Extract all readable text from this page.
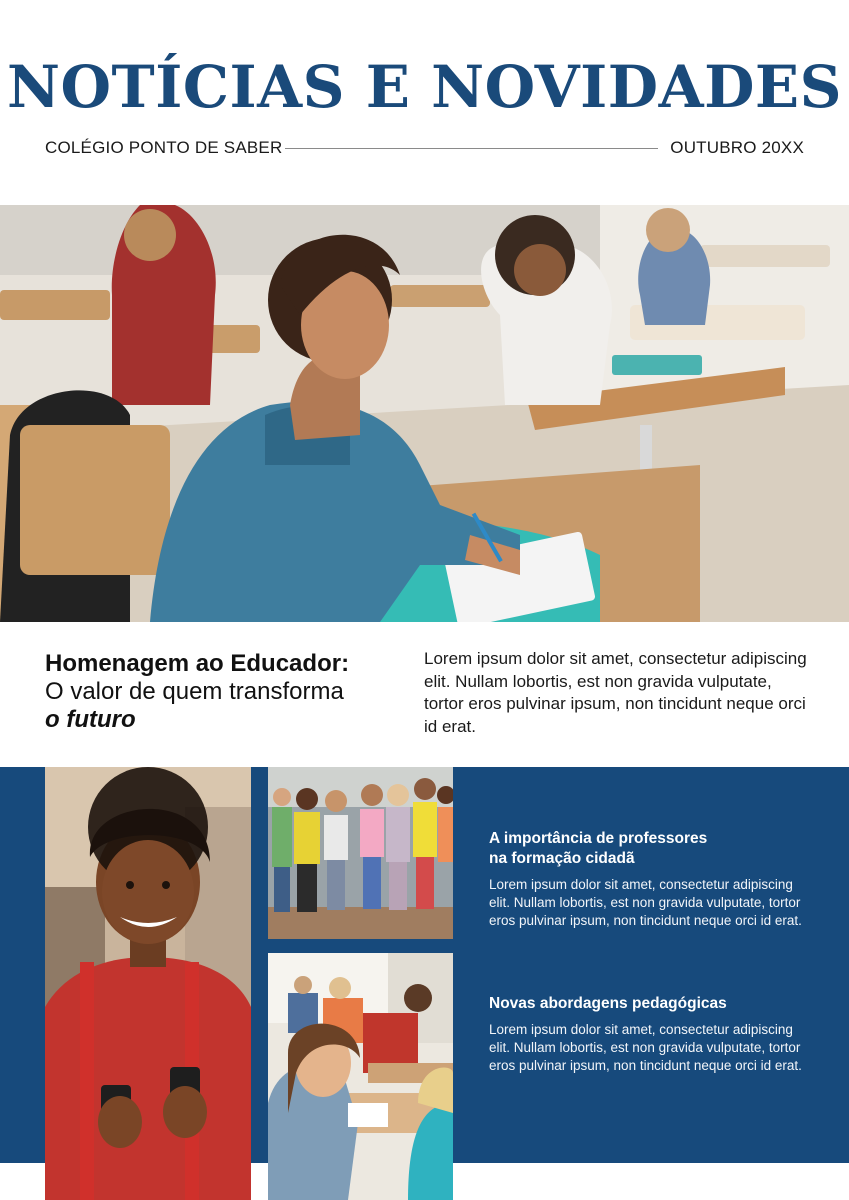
NOTÍCIAS E NOVIDADES
COLÉGIO PONTO DE SABER	OUTUBRO 20XX
Homenagem ao Educador:
O valor de quem transforma
o futuro

Lorem ipsum dolor sit amet, consectetur adipiscing elit. Nullam lobortis, est non gravida vulputate, tortor eros pulvinar ipsum, non tincidunt neque orci id erat.

A importância de professores
na formação cidadã

Lorem ipsum dolor sit amet, consectetur adipiscing elit. Nullam lobortis, est non gravida vulputate, tortor eros pulvinar ipsum, non tincidunt neque orci id erat.

Novas abordagens pedagógicas

Lorem ipsum dolor sit amet, consectetur adipiscing elit. Nullam lobortis, est non gravida vulputate, tortor eros pulvinar ipsum, non tincidunt neque orci id erat.
